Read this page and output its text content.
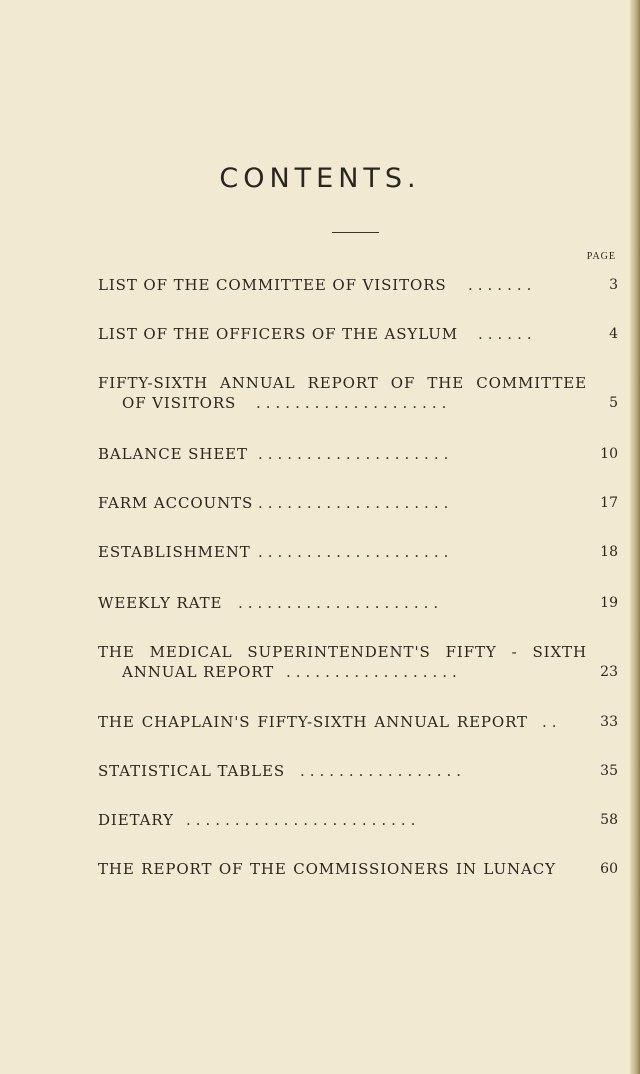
CONTENTS.
PAGE
LIST OF THE COMMITTEE OF VISITORS .......	3
LIST OF THE OFFICERS OF THE ASYLUM ......	4
FIFTY-SIXTH ANNUAL REPORT OF THE COMMITTEE
OF VISITORS ....................	5
BALANCE SHEET ....................	10
FARM ACCOUNTS ....................	17
ESTABLISHMENT ....................	18
WEEKLY RATE .....................	19
THE MEDICAL SUPERINTENDENT'S FIFTY - SIXTH
ANNUAL REPORT ..................	23
THE CHAPLAIN'S FIFTY-SIXTH ANNUAL REPORT ..	33
STATISTICAL TABLES .................	35
DIETARY ........................	58
THE REPORT OF THE COMMISSIONERS IN LUNACY	60
